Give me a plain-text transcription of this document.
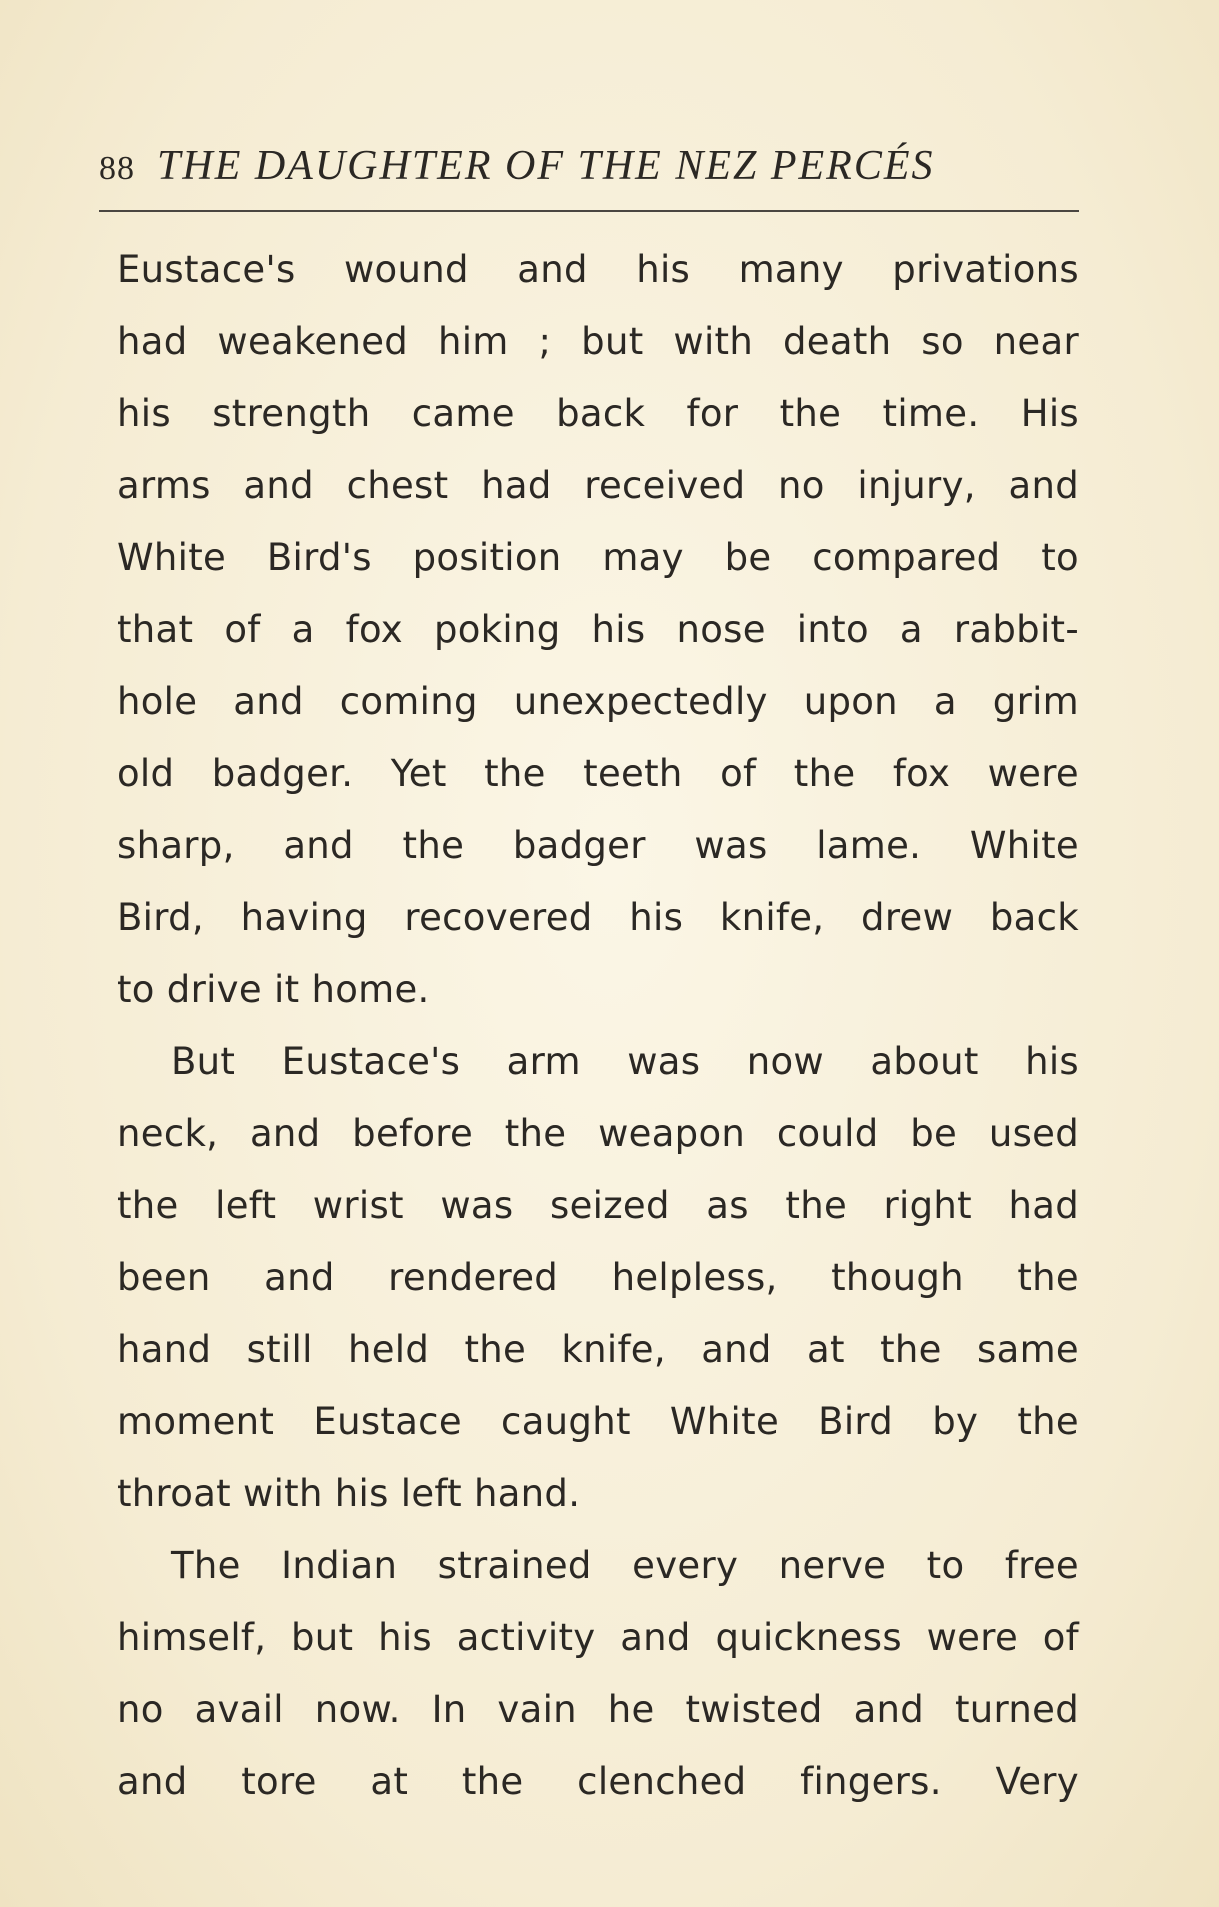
88 THE DAUGHTER OF THE NEZ PERCÉS
Eustace's wound and his many privations
had weakened him ; but with death so near
his strength came back for the time. His
arms and chest had received no injury, and
White Bird's position may be compared to
that of a fox poking his nose into a rabbit-
hole and coming unexpectedly upon a grim
old badger. Yet the teeth of the fox were
sharp, and the badger was lame. White
Bird, having recovered his knife, drew back
to drive it home.
But Eustace's arm was now about his
neck, and before the weapon could be used
the left wrist was seized as the right had
been and rendered helpless, though the
hand still held the knife, and at the same
moment Eustace caught White Bird by the
throat with his left hand.
The Indian strained every nerve to free
himself, but his activity and quickness were of
no avail now. In vain he twisted and turned
and tore at the clenched fingers. Very
